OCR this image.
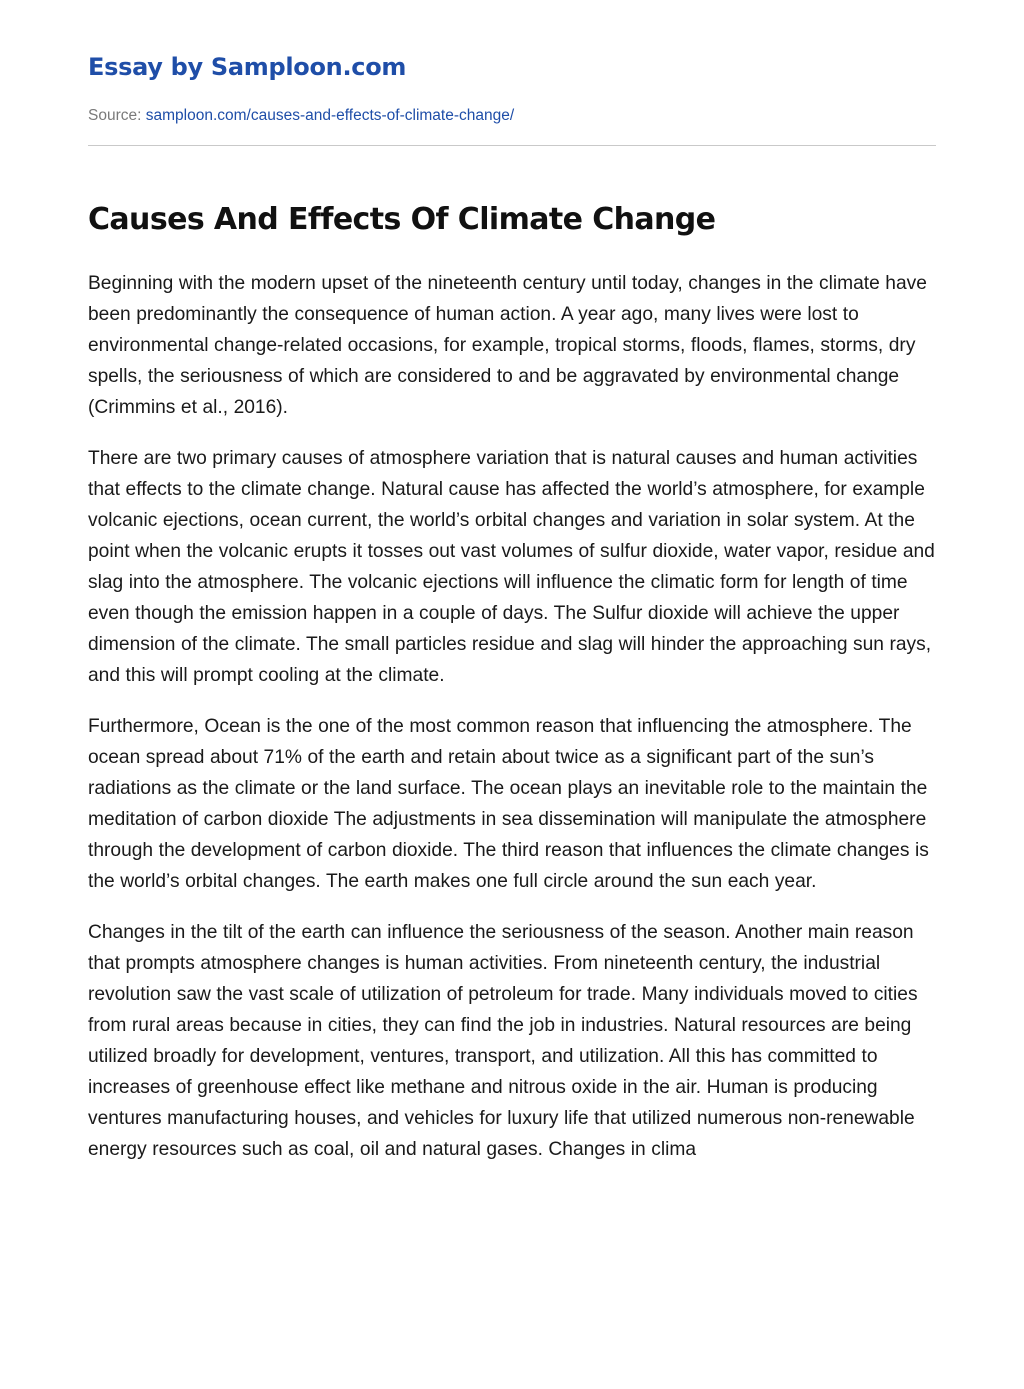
Essay by Samploon.com
Source: samploon.com/causes-and-effects-of-climate-change/
Causes And Effects Of Climate Change

Beginning with the modern upset of the nineteenth century until today, changes in the climate have been predominantly the consequence of human action. A year ago, many lives were lost to environmental change-related occasions, for example, tropical storms, floods, flames, storms, dry spells, the seriousness of which are considered to and be aggravated by environmental change (Crimmins et al., 2016).

There are two primary causes of atmosphere variation that is natural causes and human activities that effects to the climate change. Natural cause has affected the world’s atmosphere, for example volcanic ejections, ocean current, the world’s orbital changes and variation in solar system. At the point when the volcanic erupts it tosses out vast volumes of sulfur dioxide, water vapor, residue and slag into the atmosphere. The volcanic ejections will influence the climatic form for length of time even though the emission happen in a couple of days. The Sulfur dioxide will achieve the upper dimension of the climate. The small particles residue and slag will hinder the approaching sun rays, and this will prompt cooling at the climate.

Furthermore, Ocean is the one of the most common reason that influencing the atmosphere. The ocean spread about 71% of the earth and retain about twice as a significant part of the sun’s radiations as the climate or the land surface. The ocean plays an inevitable role to the maintain the meditation of carbon dioxide The adjustments in sea dissemination will manipulate the atmosphere through the development of carbon dioxide. The third reason that influences the climate changes is the world’s orbital changes. The earth makes one full circle around the sun each year.

Changes in the tilt of the earth can influence the seriousness of the season. Another main reason that prompts atmosphere changes is human activities. From nineteenth century, the industrial revolution saw the vast scale of utilization of petroleum for trade. Many individuals moved to cities from rural areas because in cities, they can find the job in industries. Natural resources are being utilized broadly for development, ventures, transport, and utilization. All this has committed to increases of greenhouse effect like methane and nitrous oxide in the air. Human is producing ventures manufacturing houses, and vehicles for luxury life that utilized numerous non-renewable energy resources such as coal, oil and natural gases. Changes in clima
